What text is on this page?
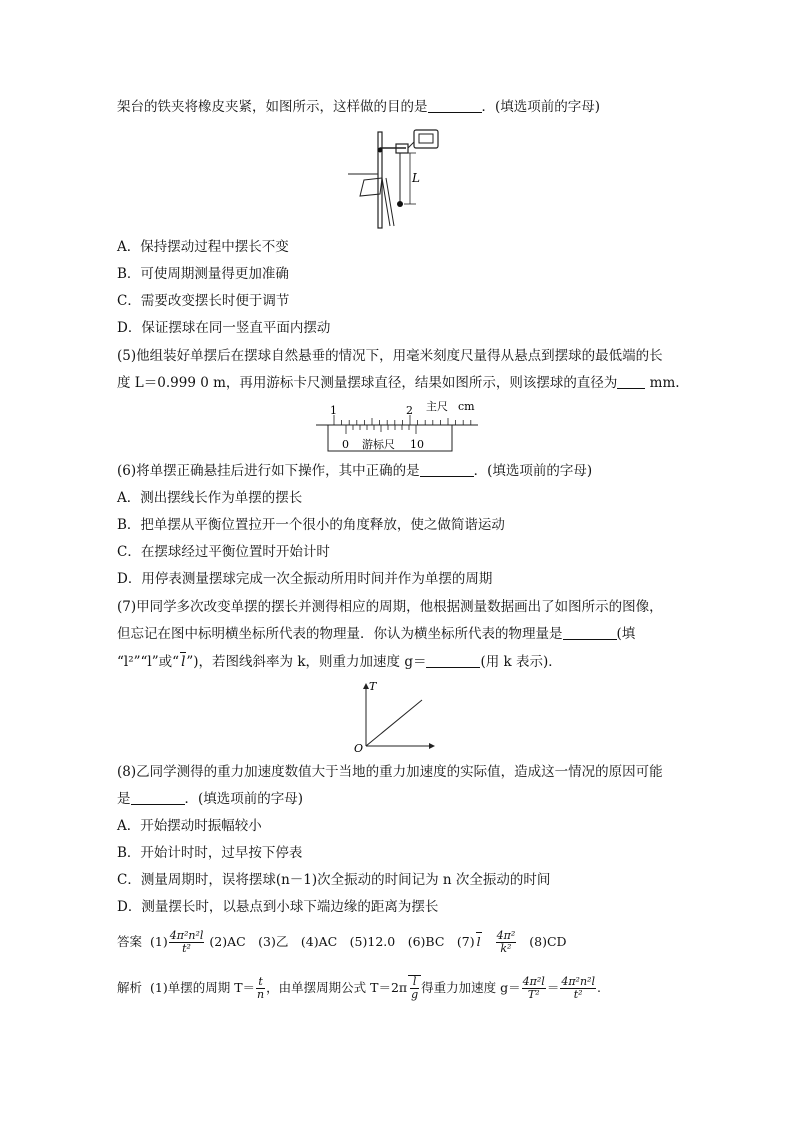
架台的铁夹将橡皮夹紧，如图所示，这样做的目的是	．(填选项前的字母)
L
A．保持摆动过程中摆长不变
B．可使周期测量得更加准确
C．需要改变摆长时便于调节
D．保证摆球在同一竖直平面内摆动
(5)他组装好单摆后在摆球自然悬垂的情况下，用毫米刻度尺量得从悬点到摆球的最低端的长
度 L＝0.999 0 m，再用游标卡尺测量摆球直径，结果如图所示，则该摆球的直径为 mm.
主尺 cm
1	2
0 游标尺 10
(6)将单摆正确悬挂后进行如下操作，其中正确的是	．(填选项前的字母)
A．测出摆线长作为单摆的摆长
B．把单摆从平衡位置拉开一个很小的角度释放，使之做简谐运动
C．在摆球经过平衡位置时开始计时
D．用停表测量摆球完成一次全振动所用时间并作为单摆的周期
(7)甲同学多次改变单摆的摆长并测得相应的周期，他根据测量数据画出了如图所示的图像，
但忘记在图中标明横坐标所代表的物理量．你认为横坐标所代表的物理量是	(填
“l²”“l”或“ l”)，若图线斜率为 k，则重力加速度 g＝	(用 k 表示)．
T
O
(8)乙同学测得的重力加速度数值大于当地的重力加速度的实际值，造成这一情况的原因可能
是	．(填选项前的字母)
A．开始摆动时振幅较小
B．开始计时时，过早按下停表
C．测量周期时，误将摆球(n－1)次全振动的时间记为 n 次全振动的时间
D．测量摆长时，以悬点到小球下端边缘的距离为摆长
答案 $(1) \frac{\text{4π²n²l}}{\text{t²}} (2)AC$　(3)乙　(4)AC　(5)12.0　(6)BC　(7) l $\frac{\text{4π²}}{\text{k²}} (8)CD$
解析 (1)单摆的周期 $T= \frac{t}{n}$ ，由单摆周期公式 $T=2\pi \frac{l}{g}$ 得重力加速度 $g= \frac{\text{4π²l}}{\text{T²}} = \frac{\text{4π²n²l}}{\text{t²}}$ .
